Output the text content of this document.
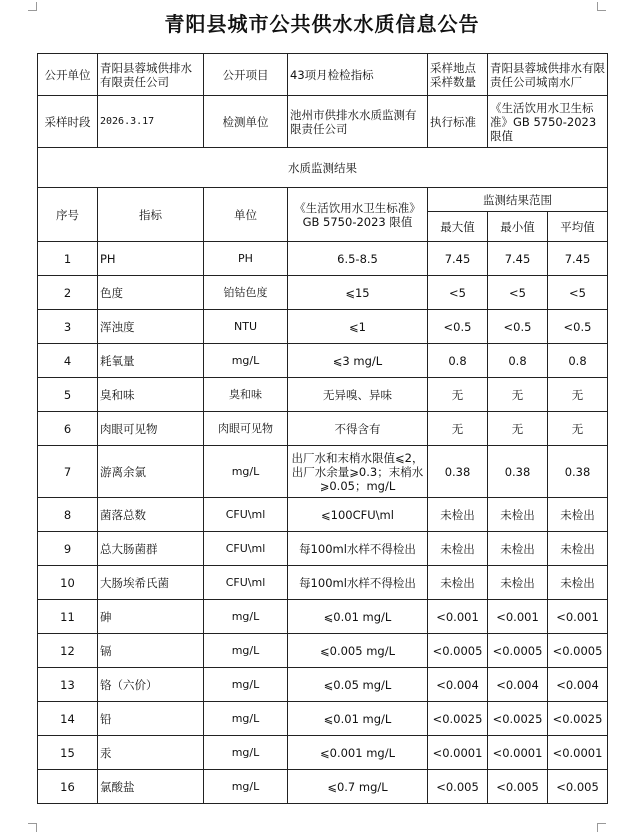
青阳县城市公共供水水质信息公告
公开单位	青阳县蓉城供排水有限责任公司	公开项目	43项月检检指标	采样地点采样数量	青阳县蓉城供排水有限责任公司城南水厂	
采样时段	2026.3.17	检测单位	池州市供排水水质监测有限责任公司	执行标准	《生活饮用水卫生标准》GB 5750-2023 限值	
水质监测结果						
序号	指标	单位	《生活饮用水卫生标准》GB 5750-2023 限值	监测结果范围		
				最大值	最小值	平均值
1	PH	PH	6.5-8.5	7.45	7.45	7.45
2	色度	铂钴色度	⩽15	<5	<5	<5
3	浑浊度	NTU	⩽1	<0.5	<0.5	<0.5
4	耗氧量	mg/L	⩽3 mg/L	0.8	0.8	0.8
5	臭和味	臭和味	无异嗅、异味	无	无	无
6	肉眼可见物	肉眼可见物	不得含有	无	无	无
7	游离余氯	mg/L	出厂水和末梢水限值⩽2，出厂水余量⩾0.3；末梢水⩾0.05；mg/L	0.38	0.38	0.38
8	菌落总数	CFU\ml	⩽100CFU\ml	未检出	未检出	未检出
9	总大肠菌群	CFU\ml	每100ml水样不得检出	未检出	未检出	未检出
10	大肠埃希氏菌	CFU\ml	每100ml水样不得检出	未检出	未检出	未检出
11	砷	mg/L	⩽0.01 mg/L	<0.001	<0.001	<0.001
12	镉	mg/L	⩽0.005 mg/L	<0.0005	<0.0005	<0.0005
13	铬（六价）	mg/L	⩽0.05 mg/L	<0.004	<0.004	<0.004
14	铅	mg/L	⩽0.01 mg/L	<0.0025	<0.0025	<0.0025
15	汞	mg/L	⩽0.001 mg/L	<0.0001	<0.0001	<0.0001
16	氯酸盐	mg/L	⩽0.7 mg/L	<0.005	<0.005	<0.005
